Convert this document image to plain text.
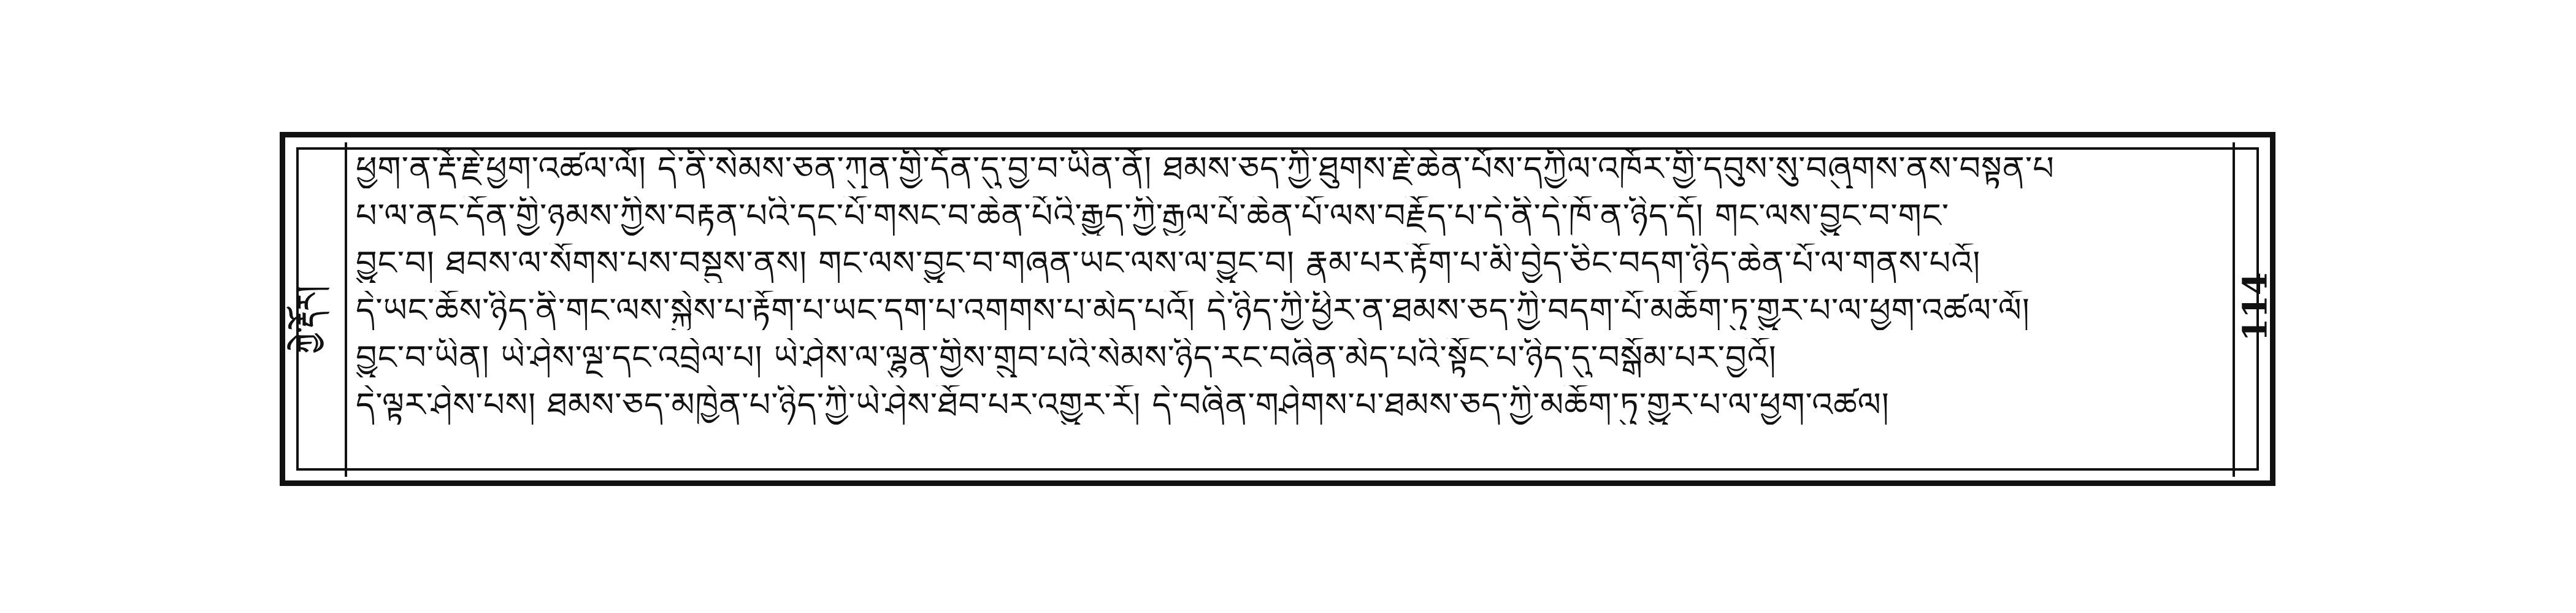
ཀྱེ་རྡོར།	114
ཕྱག་ན་རྡོ་རྗེ་ཕྱག་འཚལ་ལོ། དེ་ནི་སེམས་ཅན་ཀུན་གྱི་དོན་དུ་བྱ་བ་ཡིན་ནོ། ཐམས་ཅད་ཀྱི་ཐུགས་རྗེ་ཆེན་པོས་དཀྱིལ་འཁོར་གྱི་དབུས་སུ་བཞུགས་ནས་བསྟན་པ
པ་ལ་ནང་དོན་གྱི་ཉམས་ཀྱིས་བརྟན་པའི་དང་པོ་གསང་བ་ཆེན་པོའི་རྒྱུད་ཀྱི་རྒྱལ་པོ་ཆེན་པོ་ལས་བརྗོད་པ་དེ་ནི་དེ་ཁོ་ན་ཉིད་དོ། གང་ལས་བྱུང་བ་གང་
བྱུང་བ། ཐབས་ལ་སོགས་པས་བསྡུས་ནས། གང་ལས་བྱུང་བ་གཞན་ཡང་ལས་ལ་བྱུང་བ། རྣམ་པར་རྟོག་པ་མི་བྱེད་ཅིང་བདག་ཉིད་ཆེན་པོ་ལ་གནས་པའོ།
དེ་ཡང་ཆོས་ཉིད་ནི་གང་ལས་སྐྱེས་པ་རྟོག་པ་ཡང་དག་པ་འགགས་པ་མེད་པའོ། དེ་ཉིད་ཀྱི་ཕྱིར་ན་ཐམས་ཅད་ཀྱི་བདག་པོ་མཆོག་ཏུ་གྱུར་པ་ལ་ཕྱག་འཚལ་ལོ།
བྱུང་བ་ཡིན། ཡེ་ཤེས་ལྔ་དང་འབྲེལ་པ། ཡེ་ཤེས་ལ་ལྷུན་གྱིས་གྲུབ་པའི་སེམས་ཉིད་རང་བཞིན་མེད་པའི་སྟོང་པ་ཉིད་དུ་བསྒོམ་པར་བྱའོ།
དེ་ལྟར་ཤེས་པས། ཐམས་ཅད་མཁྱེན་པ་ཉིད་ཀྱི་ཡེ་ཤེས་ཐོབ་པར་འགྱུར་རོ། དེ་བཞིན་གཤེགས་པ་ཐམས་ཅད་ཀྱི་མཆོག་ཏུ་གྱུར་པ་ལ་ཕྱག་འཚལ།
